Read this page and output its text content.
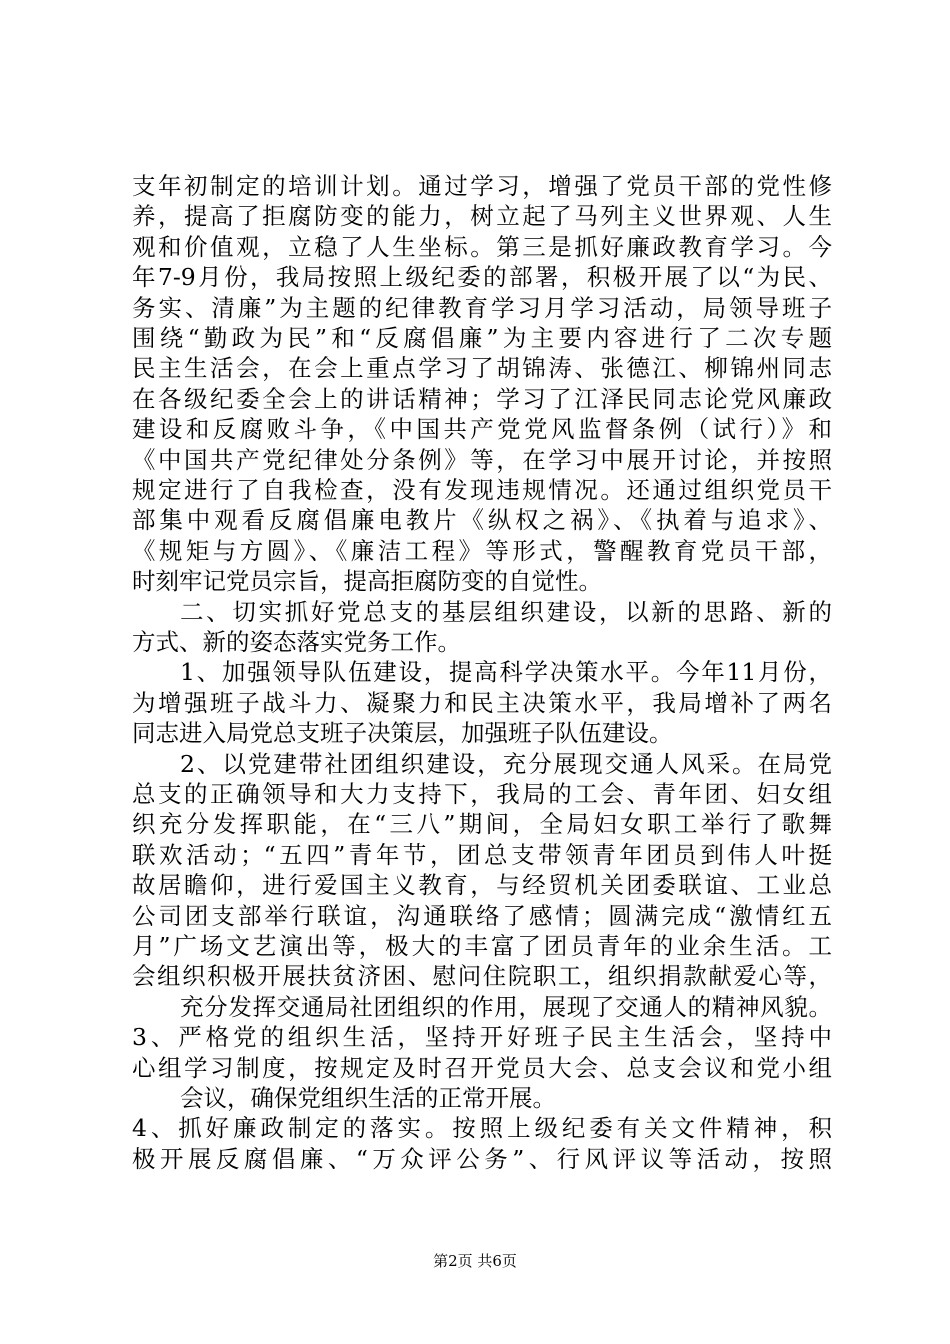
支年初制定的培训计划。通过学习，增强了党员干部的党性修
养，提高了拒腐防变的能力，树立起了马列主义世界观、人生
观和价值观，立稳了人生坐标。第三是抓好廉政教育学习。今
年7-9月份，我局按照上级纪委的部署，积极开展了以“为民、
务实、清廉”为主题的纪律教育学习月学习活动，局领导班子
围绕“勤政为民”和“反腐倡廉”为主要内容进行了二次专题
民主生活会，在会上重点学习了胡锦涛、张德江、柳锦州同志
在各级纪委全会上的讲话精神；学习了江泽民同志论党风廉政
建设和反腐败斗争，《中国共产党党风监督条例（试行）》和
《中国共产党纪律处分条例》等，在学习中展开讨论，并按照
规定进行了自我检查，没有发现违规情况。还通过组织党员干
部集中观看反腐倡廉电教片《纵权之祸》、《执着与追求》、
《规矩与方圆》、《廉洁工程》等形式，警醒教育党员干部，
时刻牢记党员宗旨，提高拒腐防变的自觉性。
二、切实抓好党总支的基层组织建设，以新的思路、新的
方式、新的姿态落实党务工作。
1、加强领导队伍建设，提高科学决策水平。今年11月份，
为增强班子战斗力、凝聚力和民主决策水平，我局增补了两名
同志进入局党总支班子决策层，加强班子队伍建设。
2、以党建带社团组织建设，充分展现交通人风采。在局党
总支的正确领导和大力支持下，我局的工会、青年团、妇女组
织充分发挥职能，在“三八”期间，全局妇女职工举行了歌舞
联欢活动；“五四”青年节，团总支带领青年团员到伟人叶挺
故居瞻仰，进行爱国主义教育，与经贸机关团委联谊、工业总
公司团支部举行联谊，沟通联络了感情；圆满完成“激情红五
月”广场文艺演出等，极大的丰富了团员青年的业余生活。工
会组织积极开展扶贫济困、慰问住院职工，组织捐款献爱心等，
充分发挥交通局社团组织的作用，展现了交通人的精神风貌。
3、严格党的组织生活，坚持开好班子民主生活会，坚持中
心组学习制度，按规定及时召开党员大会、总支会议和党小组
会议，确保党组织生活的正常开展。
4、抓好廉政制定的落实。按照上级纪委有关文件精神，积
极开展反腐倡廉、“万众评公务”、行风评议等活动，按照
第2页 共6页
